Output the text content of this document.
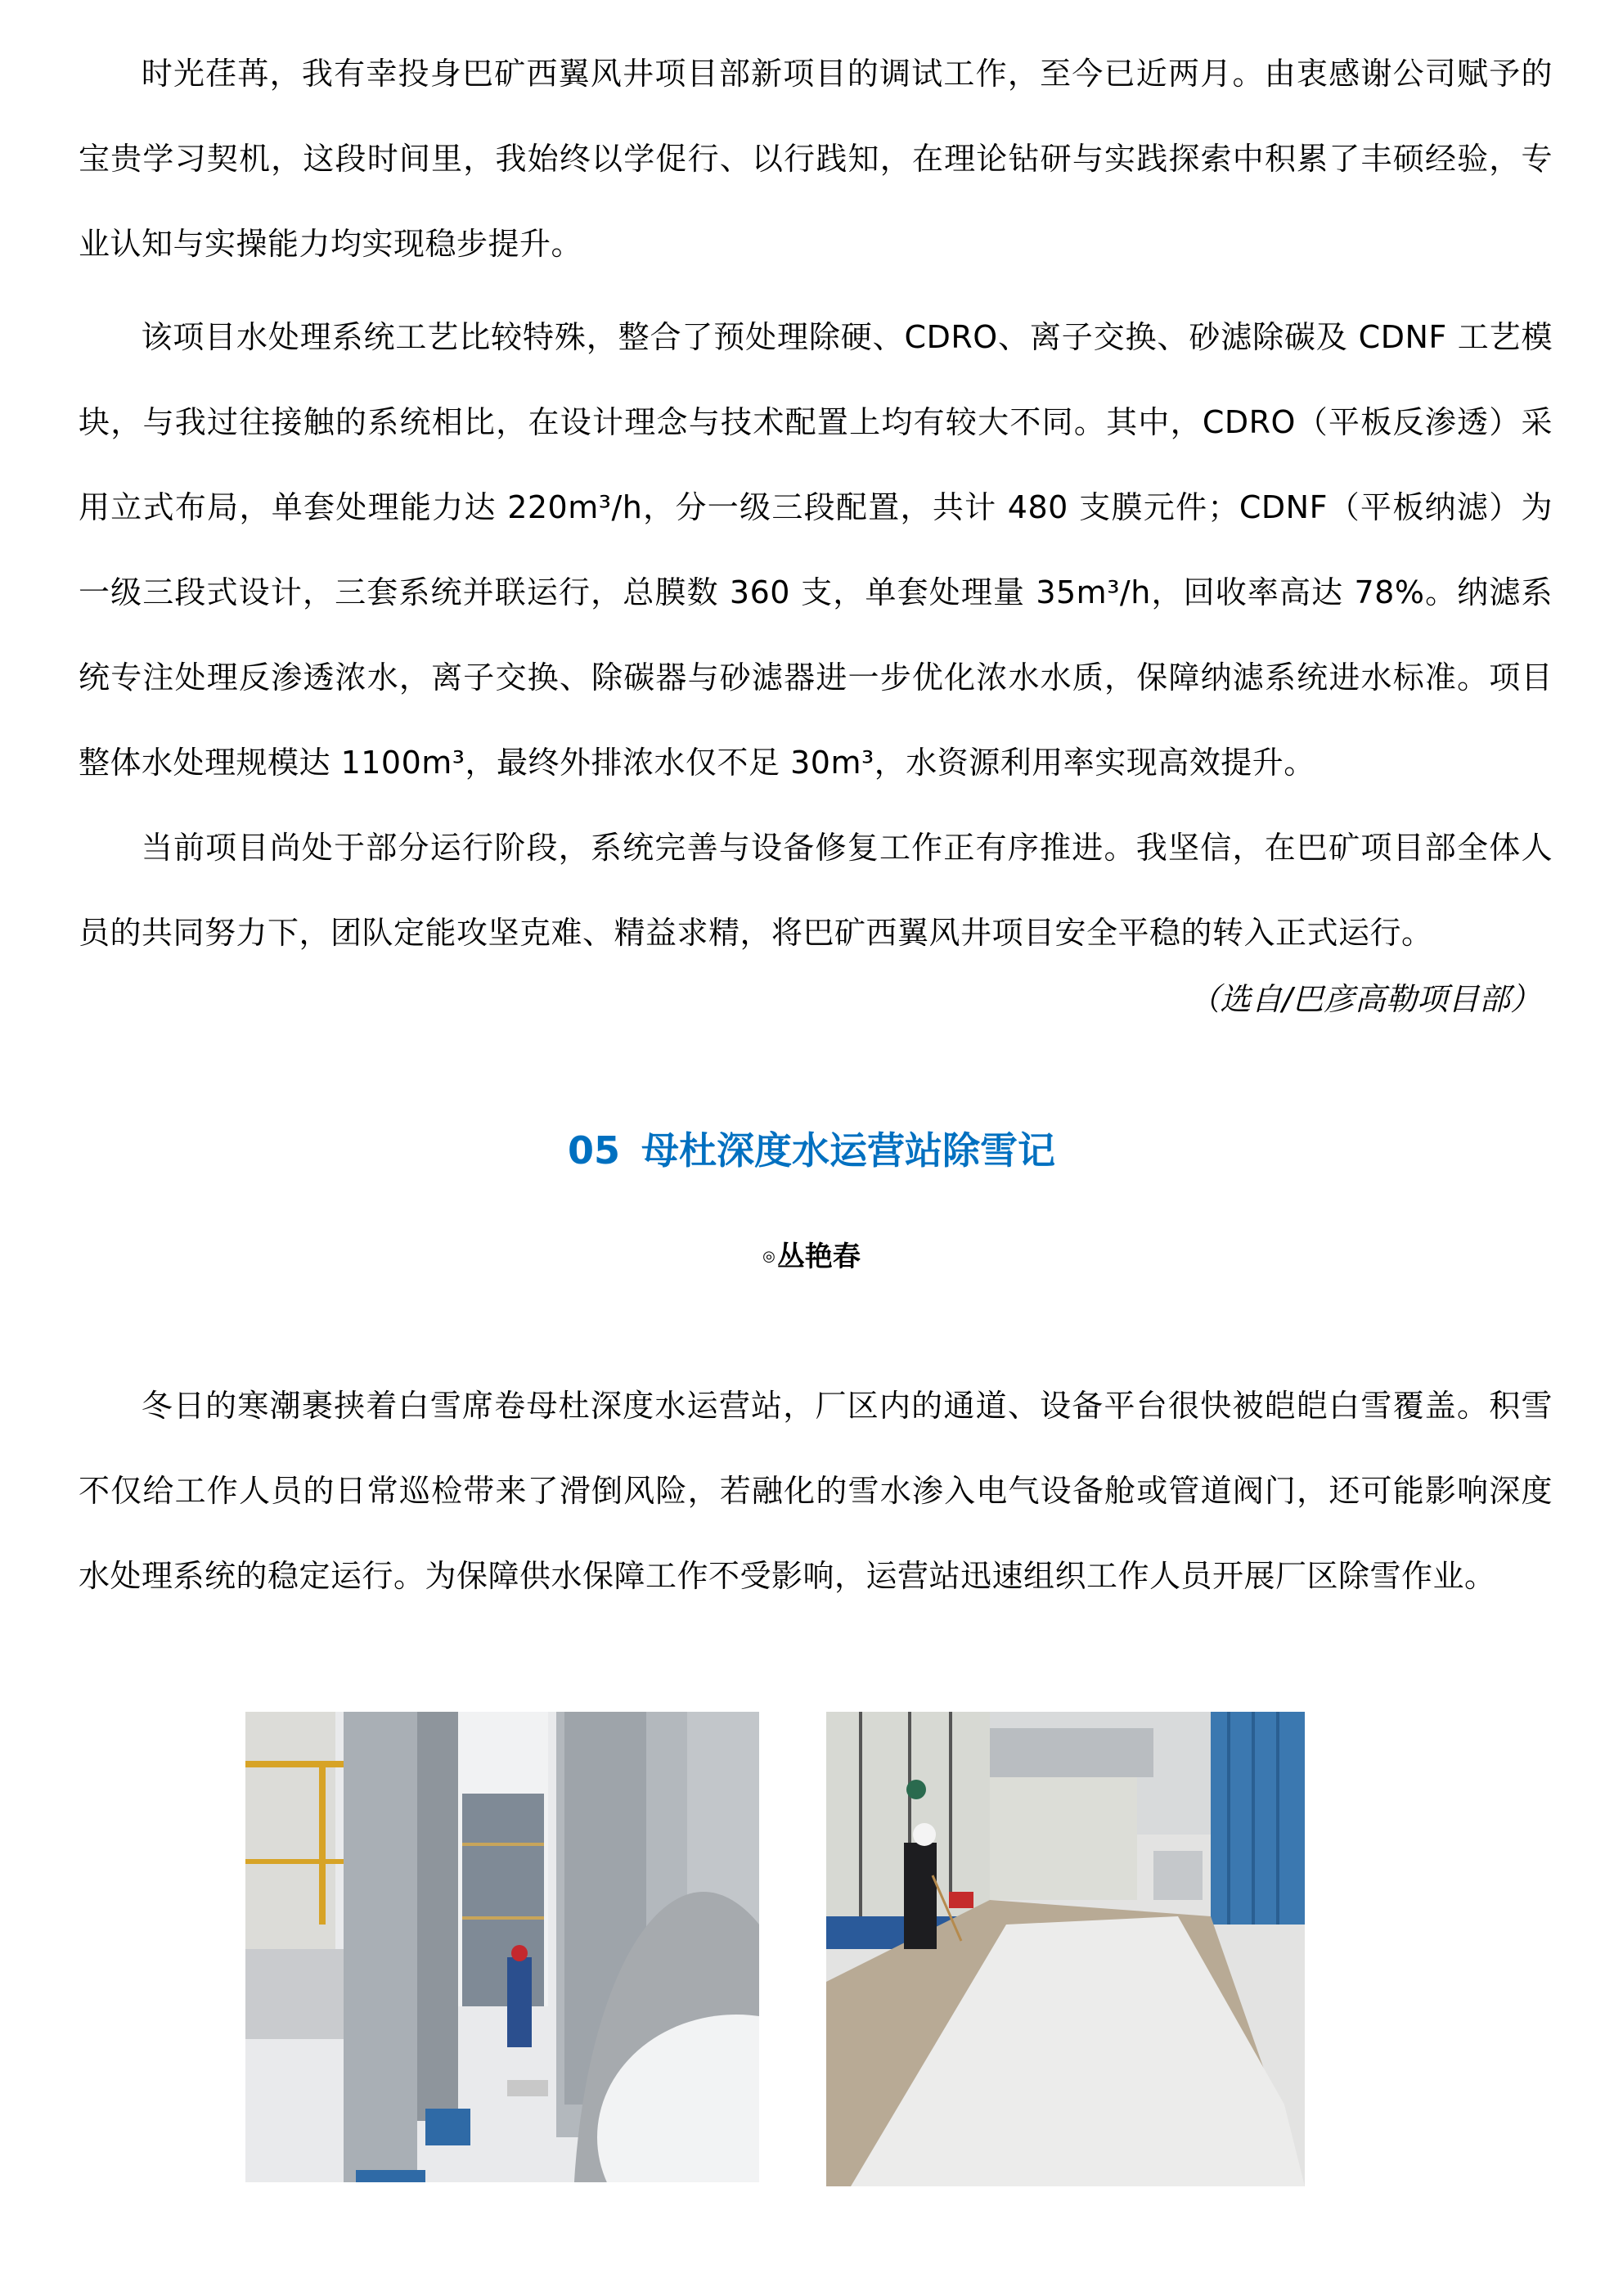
时光荏苒，我有幸投身巴矿西翼风井项目部新项目的调试工作，至今已近两月。由衷感谢公司赋予的宝贵学习契机，这段时间里，我始终以学促行、以行践知，在理论钻研与实践探索中积累了丰硕经验，专业认知与实操能力均实现稳步提升。
该项目水处理系统工艺比较特殊，整合了预处理除硬、CDRO、离子交换、砂滤除碳及 CDNF 工艺模块，与我过往接触的系统相比，在设计理念与技术配置上均有较大不同。其中，CDRO（平板反渗透）采用立式布局，单套处理能力达 220m³/h，分一级三段配置，共计 480 支膜元件；CDNF（平板纳滤）为一级三段式设计，三套系统并联运行，总膜数 360 支，单套处理量 35m³/h，回收率高达 78%。纳滤系统专注处理反渗透浓水，离子交换、除碳器与砂滤器进一步优化浓水水质，保障纳滤系统进水标准。项目整体水处理规模达 1100m³，最终外排浓水仅不足 30m³，水资源利用率实现高效提升。
当前项目尚处于部分运行阶段，系统完善与设备修复工作正有序推进。我坚信，在巴矿项目部全体人员的共同努力下，团队定能攻坚克难、精益求精，将巴矿西翼风井项目安全平稳的转入正式运行。
（选自/巴彦高勒项目部）
05 母杜深度水运营站除雪记
◎丛艳春
冬日的寒潮裹挟着白雪席卷母杜深度水运营站，厂区内的通道、设备平台很快被皑皑白雪覆盖。积雪不仅给工作人员的日常巡检带来了滑倒风险，若融化的雪水渗入电气设备舱或管道阀门，还可能影响深度水处理系统的稳定运行。为保障供水保障工作不受影响，运营站迅速组织工作人员开展厂区除雪作业。
